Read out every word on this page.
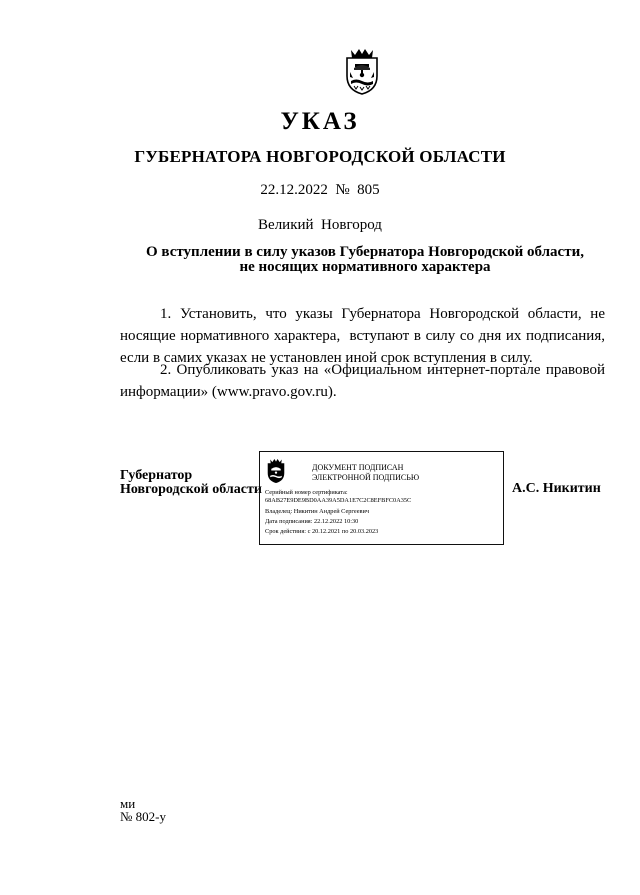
УКАЗ
ГУБЕРНАТОРА НОВГОРОДСКОЙ ОБЛАСТИ
22.12.2022  №  805
Великий  Новгород
О вступлении в силу указов Губернатора Новгородской области,
не носящих нормативного характера
1. Установить, что указы Губернатора Новгородской области, не носящие нормативного характера,  вступают в силу со дня их подписания, если в самих указах не установлен иной срок вступления в силу.
2. Опубликовать указ на «Официальном интернет-портале правовой информации» (www.pravo.gov.ru).
Губернатор
Новгородской области
ДОКУМЕНТ ПОДПИСАН
ЭЛЕКТРОННОЙ ПОДПИСЬЮ
Серийный номер сертификата:
68AB27E9DE9BD0AA39A5DA1E7C2C8EFBFC0A35C
Владелец: Никитин Андрей Сергеевич
Дата подписания: 22.12.2022 10:30
Срок действия: с 20.12.2021 по 20.03.2023
А.С. Никитин
ми
№ 802-у
